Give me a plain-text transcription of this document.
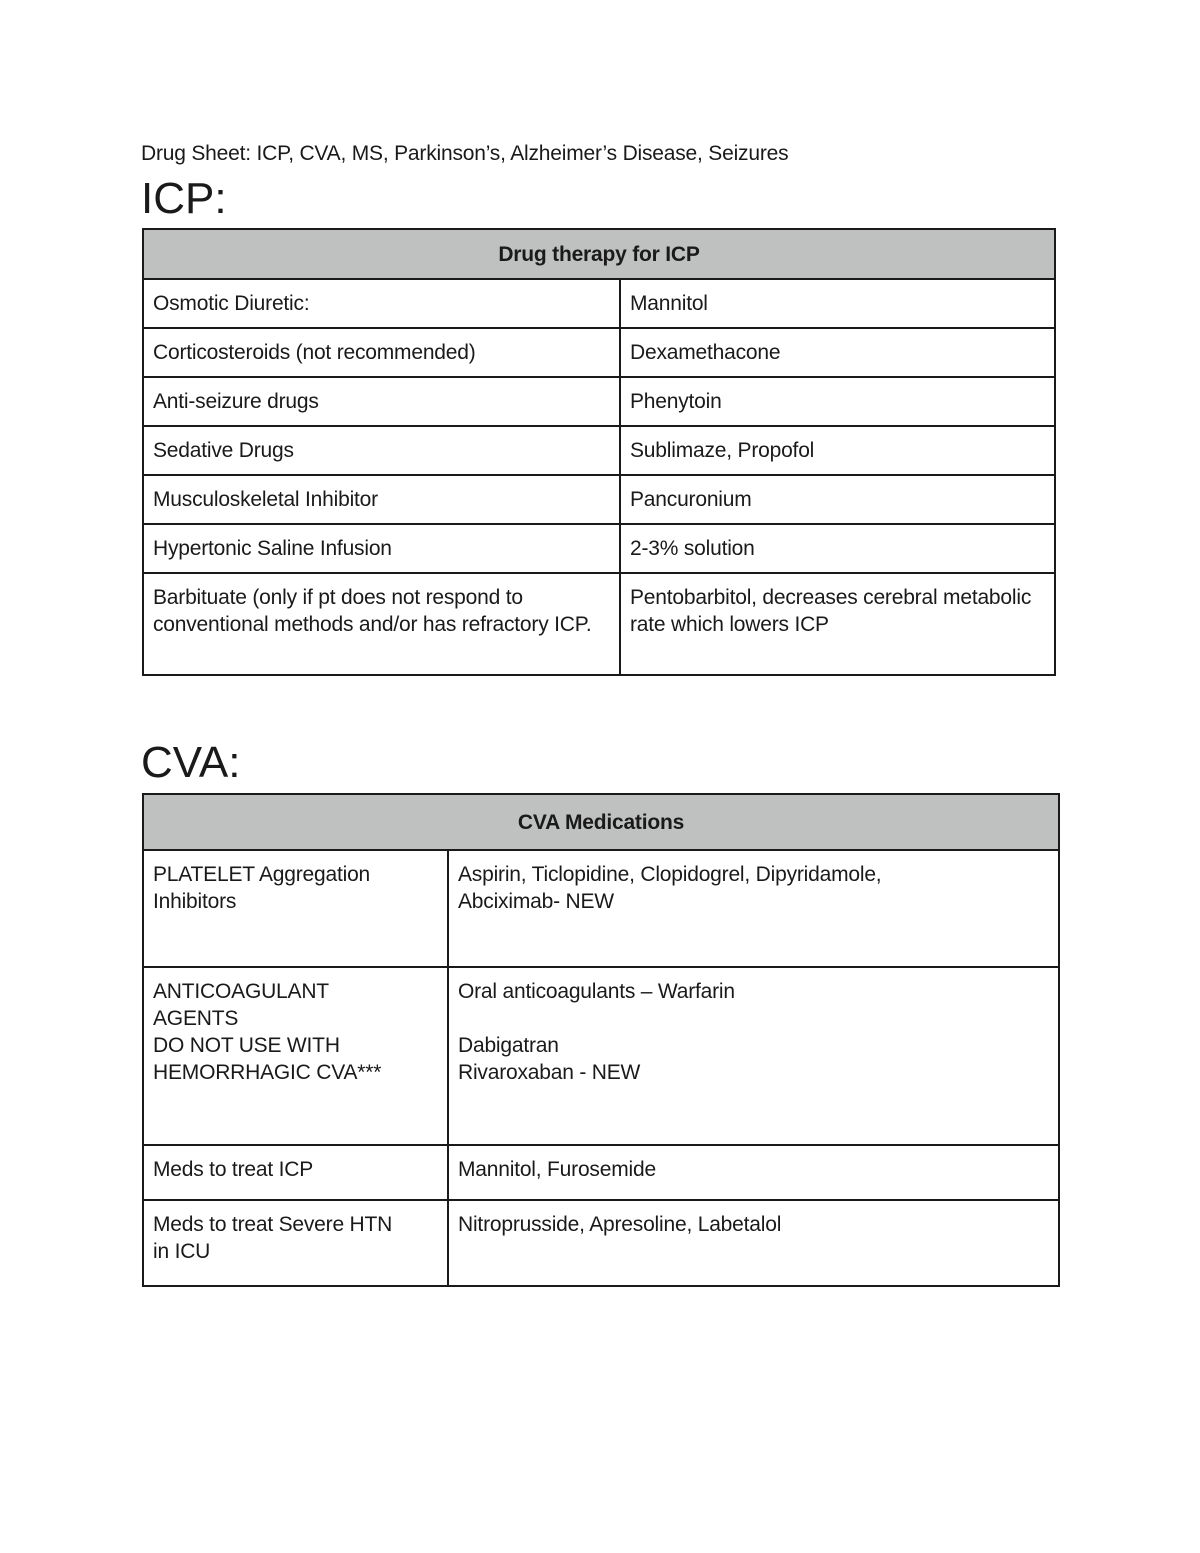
Drug Sheet: ICP, CVA, MS, Parkinson’s, Alzheimer’s Disease, Seizures
ICP:
Drug therapy for ICP	
Osmotic Diuretic:	Mannitol
Corticosteroids (not recommended)	Dexamethacone
Anti-seizure drugs	Phenytoin
Sedative Drugs	Sublimaze, Propofol
Musculoskeletal Inhibitor	Pancuronium
Hypertonic Saline Infusion	2-3% solution
Barbituate (only if pt does not respond to conventional methods and/or has refractory ICP.	Pentobarbitol, decreases cerebral metabolic rate which lowers ICP
CVA:
CVA Medications	

PLATELET Aggregation
Inhibitors	Aspirin, Ticlopidine, Clopidogrel, Dipyridamole,
Abciximab- NEW

ANTICOAGULANT
AGENTS
DO NOT USE WITH
HEMORRHAGIC CVA***	Oral anticoagulants – Warfarin
Dabigatran
Rivaroxaban - NEW

Meds to treat ICP	Mannitol, Furosemide

Meds to treat Severe HTN
in ICU	Nitroprusside, Apresoline, Labetalol
